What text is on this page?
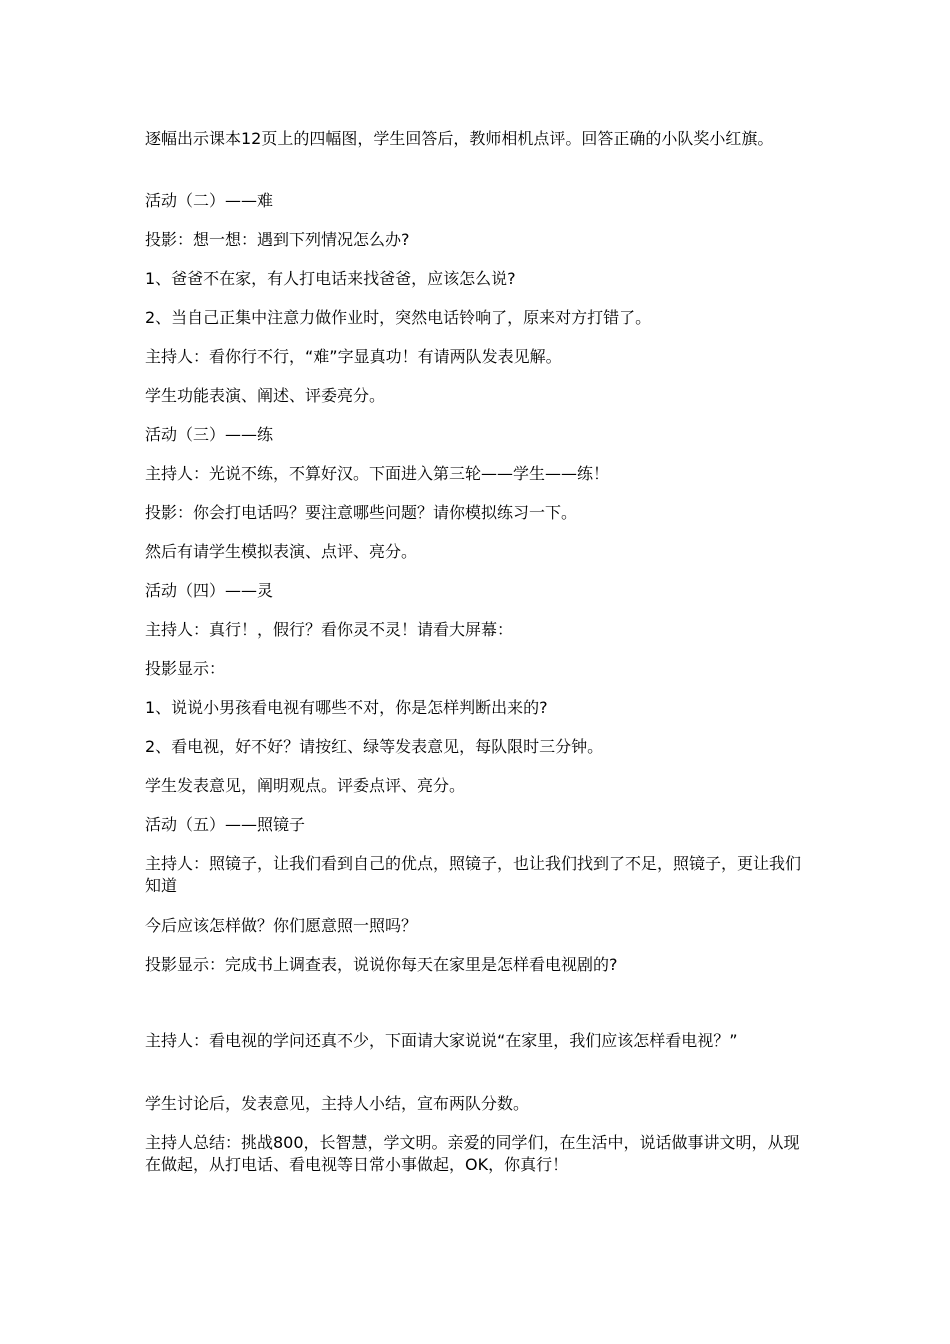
逐幅出示课本12页上的四幅图，学生回答后，教师相机点评。回答正确的小队奖小红旗。

活动（二）——难

投影：想一想：遇到下列情况怎么办?

1、爸爸不在家，有人打电话来找爸爸，应该怎么说?

2、当自己正集中注意力做作业时，突然电话铃响了，原来对方打错了。

主持人：看你行不行，“难”字显真功！有请两队发表见解。

学生功能表演、阐述、评委亮分。

活动（三）——练

主持人：光说不练，不算好汉。下面进入第三轮——学生——练！

投影：你会打电话吗？要注意哪些问题？请你模拟练习一下。

然后有请学生模拟表演、点评、亮分。

活动（四）——灵

主持人：真行！，假行？看你灵不灵！请看大屏幕：

投影显示：

1、说说小男孩看电视有哪些不对，你是怎样判断出来的?

2、看电视，好不好？请按红、绿等发表意见，每队限时三分钟。

学生发表意见，阐明观点。评委点评、亮分。

活动（五）——照镜子

主持人：照镜子，让我们看到自己的优点，照镜子，也让我们找到了不足，照镜子，更让我们知道

今后应该怎样做？你们愿意照一照吗？

投影显示：完成书上调查表，说说你每天在家里是怎样看电视剧的?

主持人：看电视的学问还真不少，下面请大家说说“在家里，我们应该怎样看电视？”

学生讨论后，发表意见，主持人小结，宣布两队分数。

主持人总结：挑战800，长智慧，学文明。亲爱的同学们，在生活中，说话做事讲文明，从现在做起，从打电话、看电视等日常小事做起，OK，你真行！
